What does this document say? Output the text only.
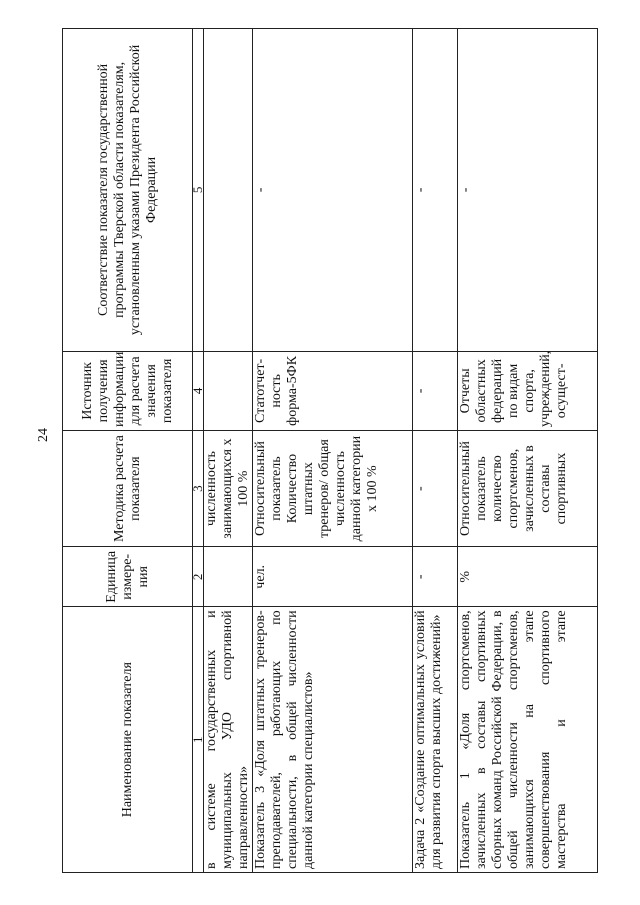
24
Наименование показателя	Единица измере-ния	Методика расчета показателя	Источник получения информации для расчета значения показателя	Соответствие показателя государственной программы Тверской области показателям, установленным указами Президента Российской Федерации
1	2	3	4	5
в системе государственных и муниципальных УДО спортивной направленности»		численность занимающихся х 100 %		
Показатель 3 «Доля штатных тренеров-преподавателей, работающих по специальности, в общей численности данной категории специалистов»	чел.	Относительный показатель Количество штатных тренеров/ общая численность данной категории х 100 %	Статотчет-ность форма-5ФК	-
Задача 2 «Создание оптимальных условий для развития спорта высших достижений»	-	-	-	-
Показатель 1 «Доля спортсменов, зачисленных в составы спортивных сборных команд Российской Федерации, в общей численности спортсменов, занимающихся на этапе совершенствования спортивного мастерства и этапе	%	Относительный показатель количество спортсменов, зачисленных в составы спортивных	Отчеты областных федераций по видам спорта, учреждений, осущест-	-
